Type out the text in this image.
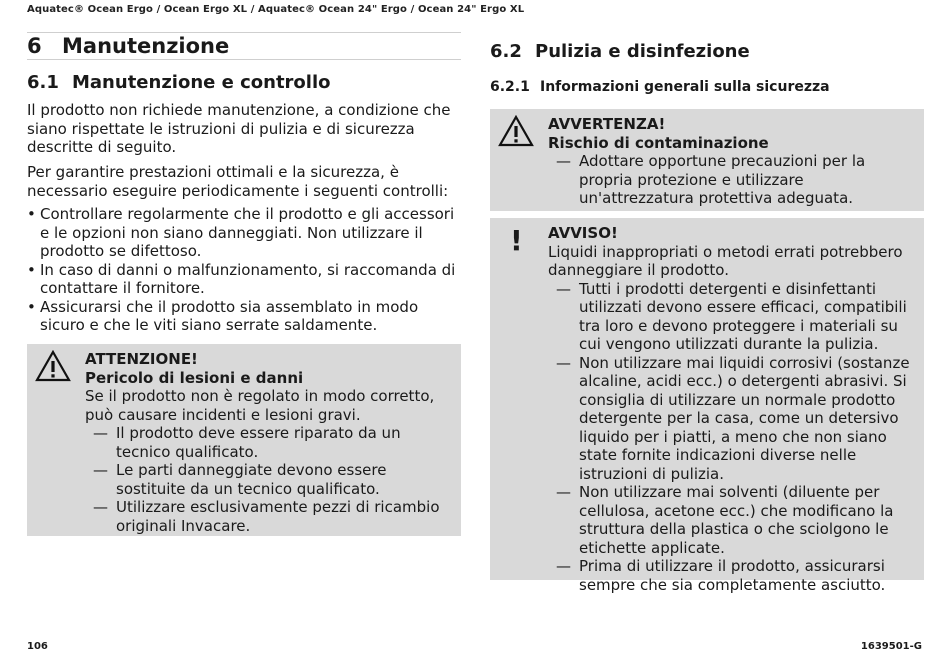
Aquatec® Ocean Ergo / Ocean Ergo XL / Aquatec® Ocean 24" Ergo / Ocean 24" Ergo XL
6 Manutenzione
6.1 Manutenzione e controllo
Il prodotto non richiede manutenzione, a condizione che siano rispettate le istruzioni di pulizia e di sicurezza descritte di seguito.
Per garantire prestazioni ottimali e la sicurezza, è necessario eseguire periodicamente i seguenti controlli:
• Controllare regolarmente che il prodotto e gli accessori e le opzioni non siano danneggiati. Non utilizzare il prodotto se difettoso.
• In caso di danni o malfunzionamento, si raccomanda di contattare il fornitore.
• Assicurarsi che il prodotto sia assemblato in modo sicuro e che le viti siano serrate saldamente.
ATTENZIONE!
Pericolo di lesioni e danni
Se il prodotto non è regolato in modo corretto, può causare incidenti e lesioni gravi.
— Il prodotto deve essere riparato da un tecnico qualificato.
— Le parti danneggiate devono essere sostituite da un tecnico qualificato.
— Utilizzare esclusivamente pezzi di ricambio originali Invacare.
6.2 Pulizia e disinfezione
6.2.1 Informazioni generali sulla sicurezza
AVVERTENZA!
Rischio di contaminazione
— Adottare opportune precauzioni per la propria protezione e utilizzare un'attrezzatura protettiva adeguata.
! AVVISO!
Liquidi inappropriati o metodi errati potrebbero danneggiare il prodotto.
— Tutti i prodotti detergenti e disinfettanti utilizzati devono essere efficaci, compatibili tra loro e devono proteggere i materiali su cui vengono utilizzati durante la pulizia.
— Non utilizzare mai liquidi corrosivi (sostanze alcaline, acidi ecc.) o detergenti abrasivi. Si consiglia di utilizzare un normale prodotto detergente per la casa, come un detersivo liquido per i piatti, a meno che non siano state fornite indicazioni diverse nelle istruzioni di pulizia.
— Non utilizzare mai solventi (diluente per cellulosa, acetone ecc.) che modificano la struttura della plastica o che sciolgono le etichette applicate.
— Prima di utilizzare il prodotto, assicurarsi sempre che sia completamente asciutto.
106	1639501-G
